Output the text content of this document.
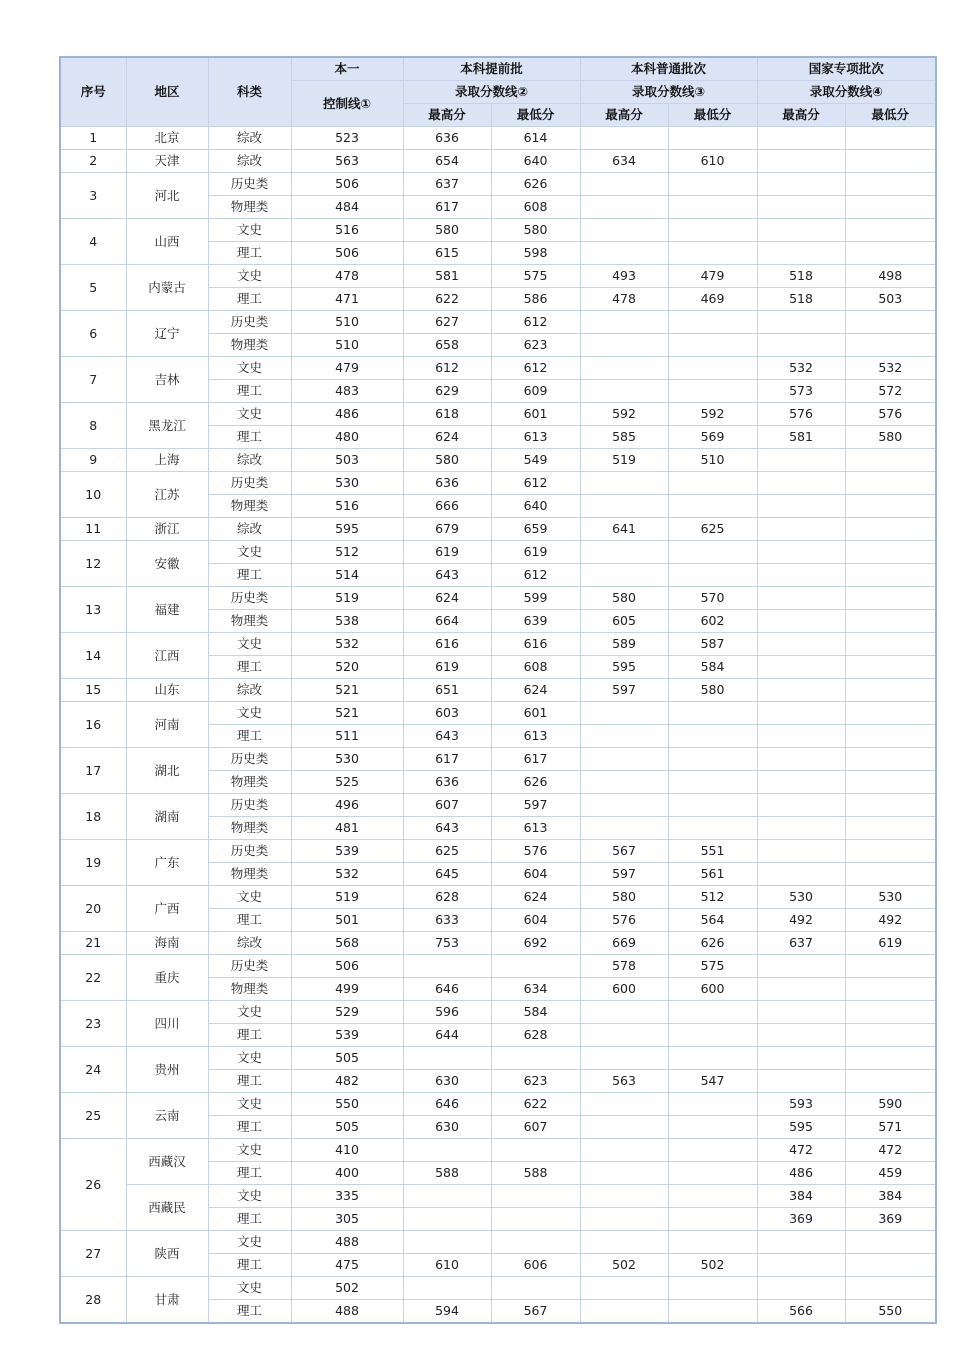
序号	地区	科类	本一	本科提前批		本科普通批次		国家专项批次	
			控制线①	录取分数线②		录取分数线③		录取分数线④	
				最高分	最低分	最高分	最低分	最高分	最低分
1	北京	综改	523	636	614				
2	天津	综改	563	654	640	634	610		
3	河北	历史类	506	637	626				
		物理类	484	617	608				
4	山西	文史	516	580	580				
		理工	506	615	598				
5	内蒙古	文史	478	581	575	493	479	518	498
		理工	471	622	586	478	469	518	503
6	辽宁	历史类	510	627	612				
		物理类	510	658	623				
7	吉林	文史	479	612	612			532	532
		理工	483	629	609			573	572
8	黑龙江	文史	486	618	601	592	592	576	576
		理工	480	624	613	585	569	581	580
9	上海	综改	503	580	549	519	510		
10	江苏	历史类	530	636	612				
		物理类	516	666	640				
11	浙江	综改	595	679	659	641	625		
12	安徽	文史	512	619	619				
		理工	514	643	612				
13	福建	历史类	519	624	599	580	570		
		物理类	538	664	639	605	602		
14	江西	文史	532	616	616	589	587		
		理工	520	619	608	595	584		
15	山东	综改	521	651	624	597	580		
16	河南	文史	521	603	601				
		理工	511	643	613				
17	湖北	历史类	530	617	617				
		物理类	525	636	626				
18	湖南	历史类	496	607	597				
		物理类	481	643	613				
19	广东	历史类	539	625	576	567	551		
		物理类	532	645	604	597	561		
20	广西	文史	519	628	624	580	512	530	530
		理工	501	633	604	576	564	492	492
21	海南	综改	568	753	692	669	626	637	619
22	重庆	历史类	506			578	575		
		物理类	499	646	634	600	600		
23	四川	文史	529	596	584				
		理工	539	644	628				
24	贵州	文史	505						
		理工	482	630	623	563	547		
25	云南	文史	550	646	622			593	590
		理工	505	630	607			595	571
26	西藏汉	文史	410					472	472
		理工	400	588	588			486	459
	西藏民	文史	335					384	384
		理工	305					369	369
27	陕西	文史	488						
		理工	475	610	606	502	502		
28	甘肃	文史	502						
		理工	488	594	567			566	550
